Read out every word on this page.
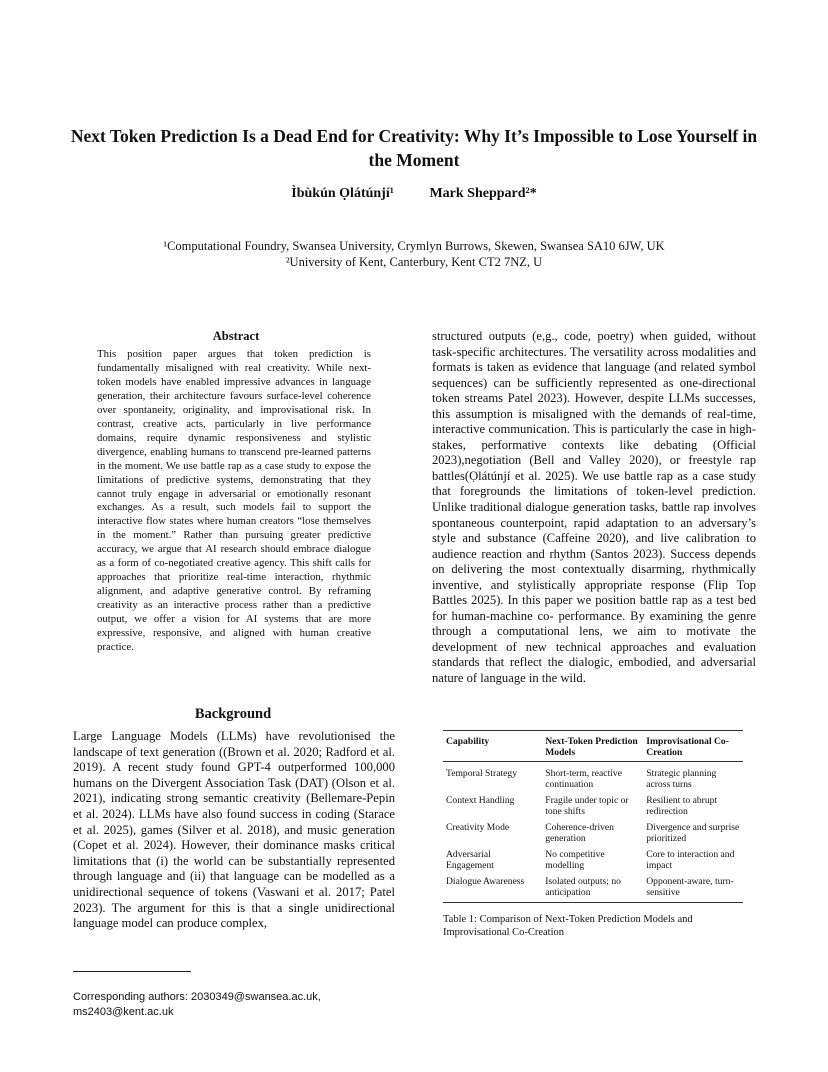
Next Token Prediction Is a Dead End for Creativity: Why It’s Impossible to Lose Yourself in the Moment
Ìbùkún Ọlátúnjí¹	Mark Sheppard²*
¹Computational Foundry, Swansea University, Crymlyn Burrows, Skewen, Swansea SA10 6JW, UK
²University of Kent, Canterbury, Kent CT2 7NZ, U
Abstract
This position paper argues that token prediction is fundamentally misaligned with real creativity. While next-token models have enabled impressive advances in language generation, their architecture favours surface-level coherence over spontaneity, originality, and improvisational risk. In contrast, creative acts, particularly in live performance domains, require dynamic responsiveness and stylistic divergence, enabling humans to transcend pre-learned patterns in the moment. We use battle rap as a case study to expose the limitations of predictive systems, demonstrating that they cannot truly engage in adversarial or emotionally resonant exchanges. As a result, such models fail to support the interactive flow states where human creators “lose themselves in the moment.” Rather than pursuing greater predictive accuracy, we argue that AI research should embrace dialogue as a form of co-negotiated creative agency. This shift calls for approaches that prioritize real-time interaction, rhythmic alignment, and adaptive generative control. By reframing creativity as an interactive process rather than a predictive output, we offer a vision for AI systems that are more expressive, responsive, and aligned with human creative practice.
Background
Large Language Models (LLMs) have revolutionised the landscape of text generation ((Brown et al. 2020; Radford et al. 2019). A recent study found GPT-4 outperformed 100,000 humans on the Divergent Association Task (DAT) (Olson et al. 2021), indicating strong semantic creativity (Bellemare-Pepin et al. 2024). LLMs have also found success in coding (Starace et al. 2025), games (Silver et al. 2018), and music generation (Copet et al. 2024). However, their dominance masks critical limitations that (i) the world can be substantially represented through language and (ii) that language can be modelled as a unidirectional sequence of tokens (Vaswani et al. 2017; Patel 2023). The argument for this is that a single unidirectional language model can produce complex,
structured outputs (e,g., code, poetry) when guided, without task-specific architectures. The versatility across modalities and formats is taken as evidence that language (and related symbol sequences) can be sufficiently represented as one-directional token streams Patel 2023). However, despite LLMs successes, this assumption is misaligned with the demands of real-time, interactive communication. This is particularly the case in high-stakes, performative contexts like debating (Official 2023),negotiation (Bell and Valley 2020), or freestyle rap battles(Ọlátúnjí et al. 2025). We use battle rap as a case study that foregrounds the limitations of token-level prediction. Unlike traditional dialogue generation tasks, battle rap involves spontaneous counterpoint, rapid adaptation to an adversary’s style and substance (Caffeine 2020), and live calibration to audience reaction and rhythm (Santos 2023). Success depends on delivering the most contextually disarming, rhythmically inventive, and stylistically appropriate response (Flip Top Battles 2025). In this paper we position battle rap as a test bed for human-machine co- performance. By examining the genre through a computational lens, we aim to motivate the development of new technical approaches and evaluation standards that reflect the dialogic, embodied, and adversarial nature of language in the wild.
Capability	Next-Token Prediction Models	Improvisational Co-Creation
Temporal Strategy	Short-term, reactive continuation	Strategic planning across turns
Context Handling	Fragile under topic or tone shifts	Resilient to abrupt redirection
Creativity Mode	Coherence-driven generation	Divergence and surprise prioritized
Adversarial Engagement	No competitive modelling	Core to interaction and impact
Dialogue Awareness	Isolated outputs; no anticipation	Opponent-aware, turn-sensitive
Table 1: Comparison of Next-Token Prediction Models and Improvisational Co-Creation
Corresponding authors: 2030349@swansea.ac.uk, ms2403@kent.ac.uk
